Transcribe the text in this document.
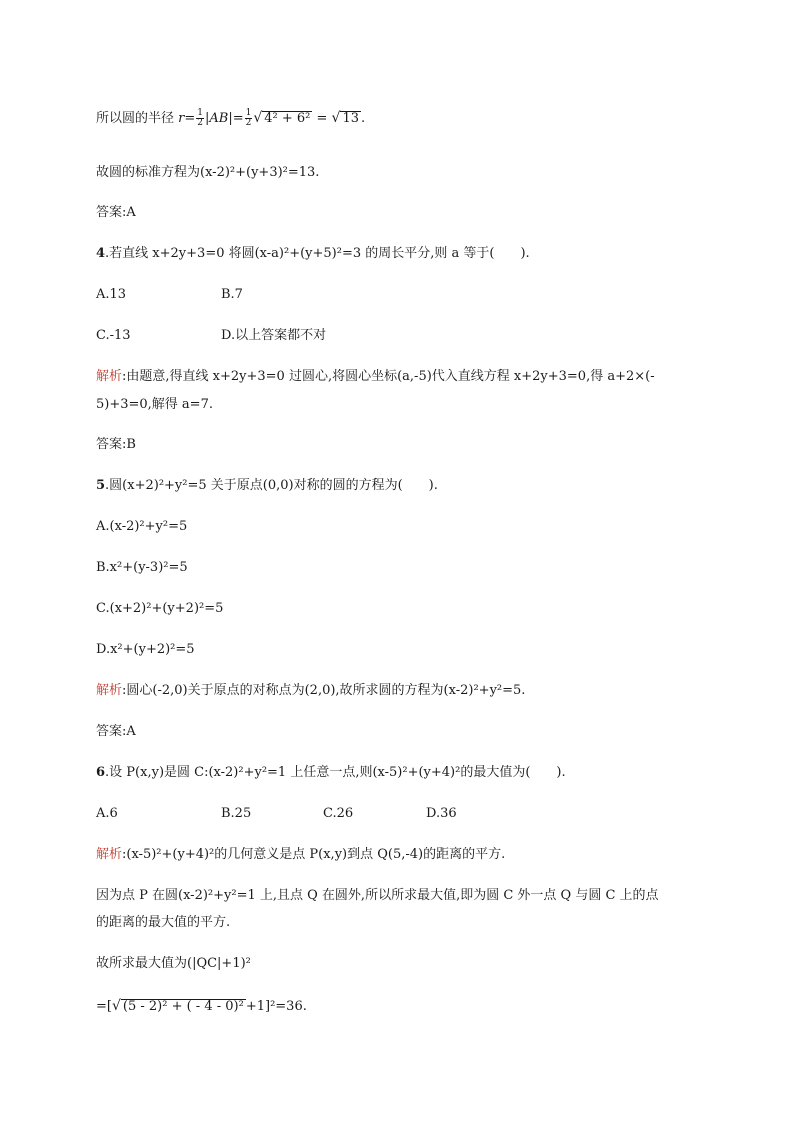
所以圆的半径 $r= \frac{1}{2} |AB|= \frac{1}{2}$ √ 4² + 6² = √ 13 .
故圆的标准方程为(x-2)²+(y+3)²=13.
答案:A
4.若直线 x+2y+3=0 将圆(x-a)²+(y+5)²=3 的周长平分,则 a 等于(　　).
A.13	B.7
C.-13	D.以上答案都不对
解析:由题意,得直线 x+2y+3=0 过圆心,将圆心坐标(a,-5)代入直线方程 x+2y+3=0,得 a+2×(-
5)+3=0,解得 a=7.
答案:B
5.圆(x+2)²+y²=5 关于原点(0,0)对称的圆的方程为(　　).
A.(x-2)²+y²=5
B.x²+(y-3)²=5
C.(x+2)²+(y+2)²=5
D.x²+(y+2)²=5
解析:圆心(-2,0)关于原点的对称点为(2,0),故所求圆的方程为(x-2)²+y²=5.
答案:A
6.设 P(x,y)是圆 C:(x-2)²+y²=1 上任意一点,则(x-5)²+(y+4)²的最大值为(　　).
A.6	B.25	C.26	D.36
解析:(x-5)²+(y+4)²的几何意义是点 P(x,y)到点 Q(5,-4)的距离的平方.
因为点 P 在圆(x-2)²+y²=1 上,且点 Q 在圆外,所以所求最大值,即为圆 C 外一点 Q 与圆 C 上的点
的距离的最大值的平方.
故所求最大值为(|QC|+1)²
=[√ (5 - 2)² + ( - 4 - 0)² +1]²=36.
